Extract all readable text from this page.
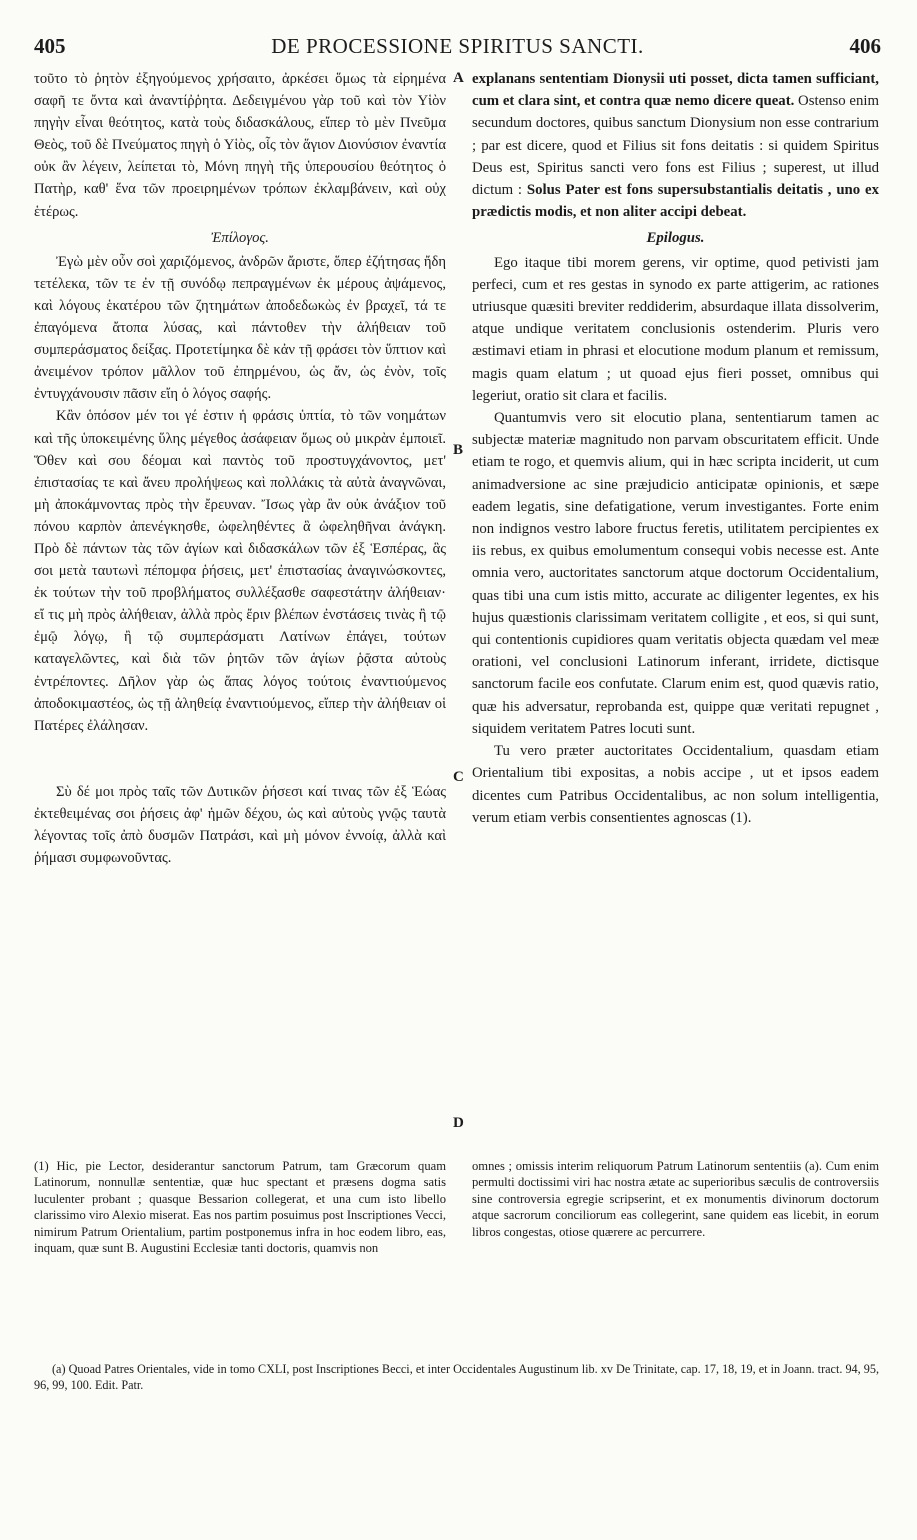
405	DE PROCESSIONE SPIRITUS SANCTI.	406

τοῦτο τὸ ῥητὸν ἐξηγούμενος χρήσαιτο, ἀρκέσει ὅμως τὰ εἰρημένα σαφῆ τε ὄντα καὶ ἀναντίῤῥητα. Δεδειγμένου γὰρ τοῦ καὶ τὸν Υἱὸν πηγὴν εἶναι θεότητος, κατὰ τοὺς διδασκάλους, εἴπερ τὸ μὲν Πνεῦμα Θεὸς, τοῦ δὲ Πνεύματος πηγὴ ὁ Υἱὸς, οἷς τὸν ἅγιον Διονύσιον ἐναντία οὐκ ἂν λέγειν, λείπεται τὸ, Μόνη πηγὴ τῆς ὑπερουσίου θεότητος ὁ Πατὴρ, καθ' ἕνα τῶν προειρημένων τρόπων ἐκλαμβάνειν, καὶ οὐχ ἑτέρως.

Ἐπίλογος.

Ἐγὼ μὲν οὖν σοὶ χαριζόμενος, ἀνδρῶν ἄριστε, ὅπερ ἐζήτησας ἤδη τετέλεκα, τῶν τε ἐν τῇ συνόδῳ πεπραγμένων ἐκ μέρους ἀψάμενος, καὶ λόγους ἑκατέρου τῶν ζητημάτων ἀποδεδωκὼς ἐν βραχεῖ, τά τε ἐπαγόμενα ἄτοπα λύσας, καὶ πάντοθεν τὴν ἀλήθειαν τοῦ συμπεράσματος δείξας. Προτετίμηκα δὲ κἀν τῇ φράσει τὸν ὕπτιον καὶ ἀνειμένον τρόπον μᾶλλον τοῦ ἐπηρμένου, ὡς ἄν, ὡς ἐνὸν, τοῖς ἐντυγχάνουσιν πᾶσιν εἴη ὁ λόγος σαφής.

Κἂν ὁπόσον μέν τοι γέ ἐστιν ἡ φράσις ὑπτία, τὸ τῶν νοημάτων καὶ τῆς ὑποκειμένης ὕλης μέγεθος ἀσάφειαν ὅμως οὐ μικρὰν ἐμποιεῖ. Ὅθεν καὶ σου δέομαι καὶ παντὸς τοῦ προστυγχάνοντος, μετ' ἐπιστασίας τε καὶ ἄνευ προλήψεως καὶ πολλάκις τὰ αὐτὰ ἀναγνῶναι, μὴ ἀποκάμνοντας πρὸς τὴν ἔρευναν. Ἴσως γὰρ ἂν οὐκ ἀνάξιον τοῦ πόνου καρπὸν ἀπενέγκησθε, ὠφεληθέντες ἃ ὠφεληθῆναι ἀνάγκη. Πρὸ δὲ πάντων τὰς τῶν ἁγίων καὶ διδασκάλων τῶν ἐξ Ἑσπέρας, ἃς σοι μετὰ ταυτωνὶ πέπομφα ῥήσεις, μετ' ἐπιστασίας ἀναγινώσκοντες, ἐκ τούτων τὴν τοῦ προβλήματος συλλέξασθε σαφεστάτην ἀλήθειαν· εἴ τις μὴ πρὸς ἀλήθειαν, ἀλλὰ πρὸς ἔριν βλέπων ἐνστάσεις τινὰς ἢ τῷ ἐμῷ λόγῳ, ἢ τῷ συμπεράσματι Λατίνων ἐπάγει, τούτων καταγελῶντες, καὶ διὰ τῶν ῥητῶν τῶν ἁγίων ῥᾷστα αὐτοὺς ἐντρέποντες. Δῆλον γὰρ ὡς ἅπας λόγος τούτοις ἐναντιούμενος ἀποδοκιμαστέος, ὡς τῇ ἀληθείᾳ ἐναντιούμενος, εἴπερ τὴν ἀλήθειαν οἱ Πατέρες ἐλάλησαν.

Σὺ δέ μοι πρὸς ταῖς τῶν Δυτικῶν ῥήσεσι καί τινας τῶν ἐξ Ἑώας ἐκτεθειμένας σοι ῥήσεις ἀφ' ἡμῶν δέχου, ὡς καὶ αὐτοὺς γνῷς ταυτὰ λέγοντας τοῖς ἀπὸ δυσμῶν Πατράσι, καὶ μὴ μόνον ἐννοίᾳ, ἀλλὰ καὶ ῥήμασι συμφωνοῦντας.

explanans sententiam Dionysii uti posset, dicta tamen sufficiant, cum et clara sint, et contra quæ nemo dicere queat. Ostenso enim secundum doctores, quibus sanctum Dionysium non esse contrarium ; par est dicere, quod et Filius sit fons deitatis : si quidem Spiritus Deus est, Spiritus sancti vero fons est Filius ; superest, ut illud dictum : Solus Pater est fons supersubstantialis deitatis , uno ex prædictis modis, et non aliter accipi debeat.

Epilogus.

Ego itaque tibi morem gerens, vir optime, quod petivisti jam perfeci, cum et res gestas in synodo ex parte attigerim, ac rationes utriusque quæsiti breviter reddiderim, absurdaque illata dissolverim, atque undique veritatem conclusionis ostenderim. Pluris vero æstimavi etiam in phrasi et elocutione modum planum et remissum, magis quam elatum ; ut quoad ejus fieri posset, omnibus qui legeriut, oratio sit clara et facilis.

Quantumvis vero sit elocutio plana, sententiarum tamen ac subjectæ materiæ magnitudo non parvam obscuritatem efficit. Unde etiam te rogo, et quemvis alium, qui in hæc scripta inciderit, ut cum animadversione ac sine præjudicio anticipatæ opinionis, et sæpe eadem legatis, sine defatigatione, verum investigantes. Forte enim non indignos vestro labore fructus feretis, utilitatem percipientes ex iis rebus, ex quibus emolumentum consequi vobis necesse est. Ante omnia vero, auctoritates sanctorum atque doctorum Occidentalium, quas tibi una cum istis mitto, accurate ac diligenter legentes, ex his hujus quæstionis clarissimam veritatem colligite , et eos, si qui sunt, qui contentionis cupidiores quam veritatis objecta quædam vel meæ orationi, vel conclusioni Latinorum inferant, irridete, dictisque sanctorum facile eos confutate. Clarum enim est, quod quævis ratio, quæ his adversatur, reprobanda est, quippe quæ veritati repugnet , siquidem veritatem Patres locuti sunt.

Tu vero præter auctoritates Occidentalium, quasdam etiam Orientalium tibi expositas, a nobis accipe , ut et ipsos eadem dicentes cum Patribus Occidentalibus, ac non solum intelligentia, verum etiam verbis consentientes agnoscas (1).

A
B
C
D

(1) Hic, pie Lector, desiderantur sanctorum Patrum, tam Græcorum quam Latinorum, nonnullæ sententiæ, quæ huc spectant et præsens dogma satis luculenter probant ; quasque Bessarion collegerat, et una cum isto libello clarissimo viro Alexio miserat. Eas nos partim posuimus post Inscriptiones Vecci, nimirum Patrum Orientalium, partim postponemus infra in hoc eodem libro, eas, inquam, quæ sunt B. Augustini Ecclesiæ tanti doctoris, quamvis non

omnes ; omissis interim reliquorum Patrum Latinorum sententiis (a). Cum enim permulti doctissimi viri hac nostra ætate ac superioribus sæculis de controversiis sine controversia egregie scripserint, et ex monumentis divinorum doctorum atque sacrorum conciliorum eas collegerint, sane quidem eas licebit, in eorum libros congestas, otiose quærere ac percurrere.

(a) Quoad Patres Orientales, vide in tomo CXLI, post Inscriptiones Becci, et inter Occidentales Augustinum lib. xv De Trinitate, cap. 17, 18, 19, et in Joann. tract. 94, 95, 96, 99, 100. Edit. Patr.
